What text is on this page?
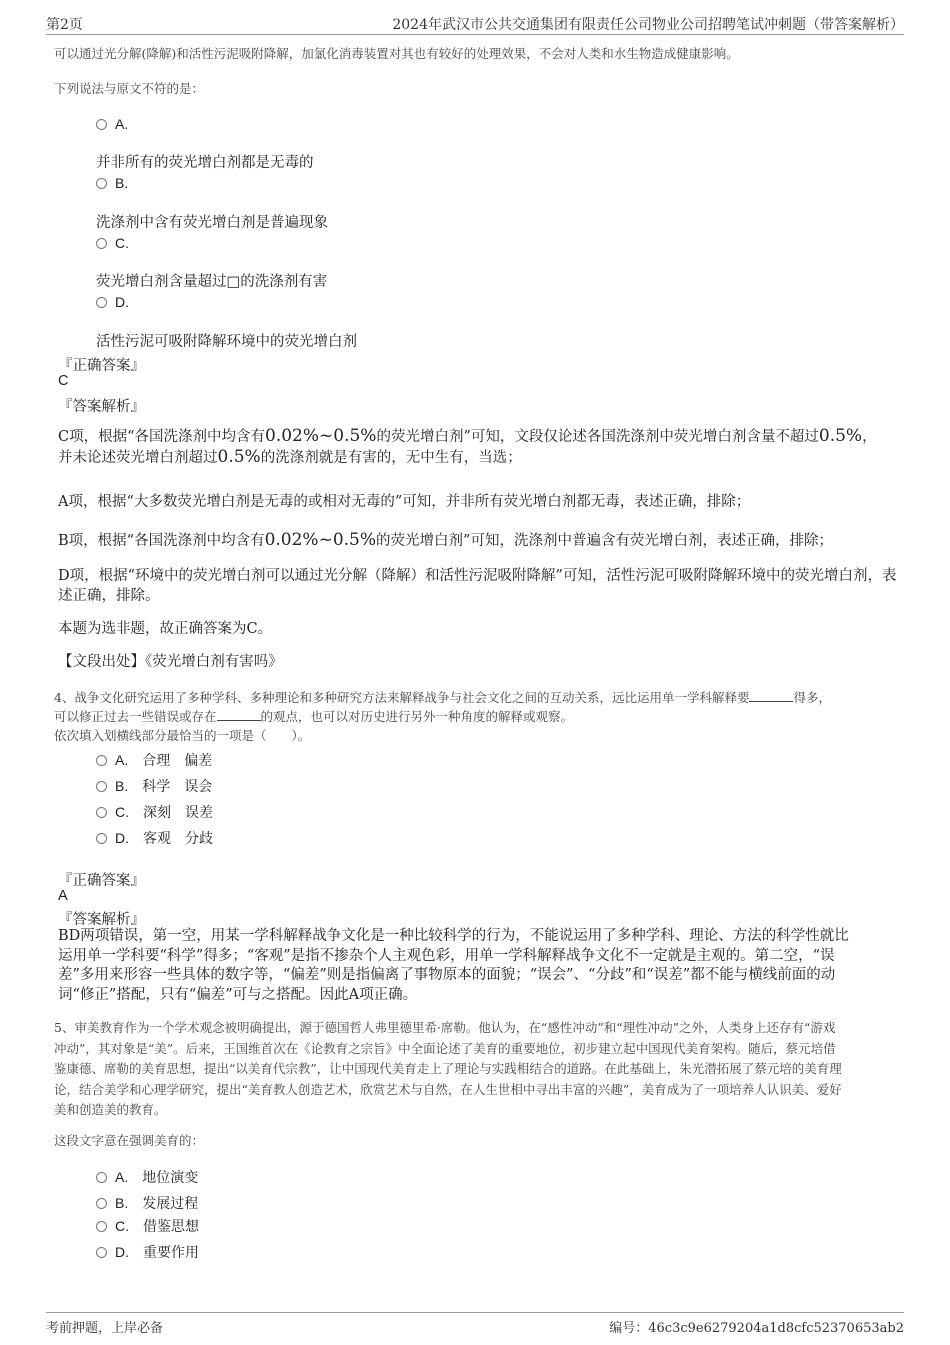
第2页	2024年武汉市公共交通集团有限责任公司物业公司招聘笔试冲刺题（带答案解析）
可以通过光分解(降解)和活性污泥吸附降解，加氯化消毒装置对其也有较好的处理效果，不会对人类和水生物造成健康影响。
下列说法与原文不符的是：
A.
并非所有的荧光增白剂都是无毒的
B.
洗涤剂中含有荧光增白剂是普遍现象
C.
荧光增白剂含量超过□的洗涤剂有害
D.
活性污泥可吸附降解环境中的荧光增白剂
『正确答案』
C
『答案解析』
C项，根据“各国洗涤剂中均含有0.02%~0.5%的荧光增白剂”可知，文段仅论述各国洗涤剂中荧光增白剂含量不超过0.5%，
并未论述荧光增白剂超过0.5%的洗涤剂就是有害的，无中生有，当选；
A项，根据“大多数荧光增白剂是无毒的或相对无毒的”可知，并非所有荧光增白剂都无毒，表述正确，排除；
B项，根据“各国洗涤剂中均含有0.02%~0.5%的荧光增白剂”可知，洗涤剂中普遍含有荧光增白剂，表述正确，排除；
D项，根据“环境中的荧光增白剂可以通过光分解（降解）和活性污泥吸附降解”可知，活性污泥可吸附降解环境中的荧光增白剂，表述正确，排除。
本题为选非题，故正确答案为C。
【文段出处】《荧光增白剂有害吗》
4、战争文化研究运用了多种学科、多种理论和多种研究方法来解释战争与社会文化之间的互动关系，远比运用单一学科解释要	得多，
可以修正过去一些错误或存在	的观点，也可以对历史进行另外一种角度的解释或观察。
依次填入划横线部分最恰当的一项是（　　）。
A. 合理　偏差
B. 科学　误会
C. 深刻　误差
D. 客观　分歧
『正确答案』
A
『答案解析』
BD两项错误，第一空，用某一学科解释战争文化是一种比较科学的行为，不能说运用了多种学科、理论、方法的科学性就比
运用单一学科要“科学”得多；“客观”是指不掺杂个人主观色彩，用单一学科解释战争文化不一定就是主观的。第二空，“误
差”多用来形容一些具体的数字等，“偏差”则是指偏离了事物原本的面貌；“误会”、“分歧”和“误差”都不能与横线前面的动
词“修正”搭配，只有“偏差”可与之搭配。因此A项正确。
5、审美教育作为一个学术观念被明确提出，源于德国哲人弗里德里希·席勒。他认为，在“感性冲动”和“理性冲动”之外，人类身上还存有“游戏
冲动”，其对象是“美”。后来，王国维首次在《论教育之宗旨》中全面论述了美育的重要地位，初步建立起中国现代美育架构。随后，蔡元培借
鉴康德、席勒的美育思想，提出“以美育代宗教”，让中国现代美育走上了理论与实践相结合的道路。在此基础上，朱光潜拓展了蔡元培的美育理
论，结合美学和心理学研究，提出“美育教人创造艺术，欣赏艺术与自然，在人生世相中寻出丰富的兴趣”，美育成为了一项培养人认识美、爱好
美和创造美的教育。
这段文字意在强调美育的：
A. 地位演变
B. 发展过程
C. 借鉴思想
D. 重要作用
考前押题，上岸必备	编号：46c3c9e6279204a1d8cfc52370653ab2
